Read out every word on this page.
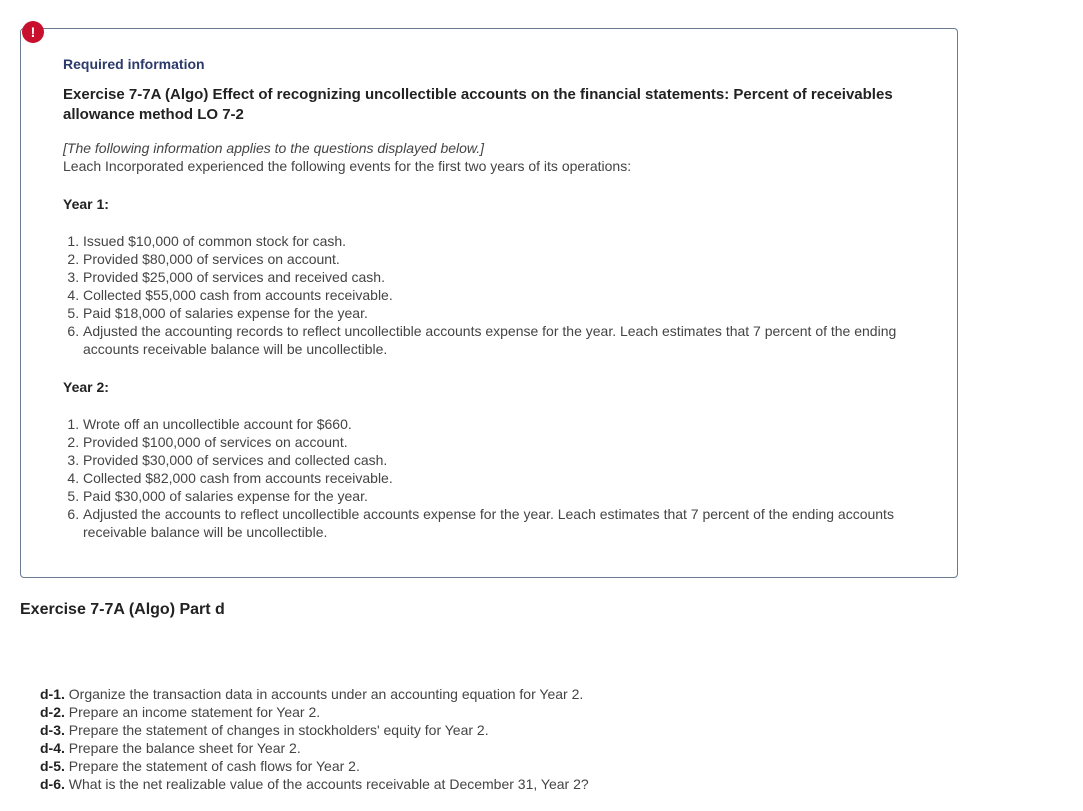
Required information

Exercise 7-7A (Algo) Effect of recognizing uncollectible accounts on the financial statements: Percent of receivables allowance method LO 7-2

[The following information applies to the questions displayed below.]
Leach Incorporated experienced the following events for the first two years of its operations:
Year 1:
1. Issued $10,000 of common stock for cash.
2. Provided $80,000 of services on account.
3. Provided $25,000 of services and received cash.
4. Collected $55,000 cash from accounts receivable.
5. Paid $18,000 of salaries expense for the year.
6. Adjusted the accounting records to reflect uncollectible accounts expense for the year. Leach estimates that 7 percent of the ending accounts receivable balance will be uncollectible.
Year 2:
1. Wrote off an uncollectible account for $660.
2. Provided $100,000 of services on account.
3. Provided $30,000 of services and collected cash.
4. Collected $82,000 cash from accounts receivable.
5. Paid $30,000 of salaries expense for the year.
6. Adjusted the accounts to reflect uncollectible accounts expense for the year. Leach estimates that 7 percent of the ending accounts receivable balance will be uncollectible.
!
Exercise 7-7A (Algo) Part d
d-1. Organize the transaction data in accounts under an accounting equation for Year 2.
d-2. Prepare an income statement for Year 2.
d-3. Prepare the statement of changes in stockholders' equity for Year 2.
d-4. Prepare the balance sheet for Year 2.
d-5. Prepare the statement of cash flows for Year 2.
d-6. What is the net realizable value of the accounts receivable at December 31, Year 2?
